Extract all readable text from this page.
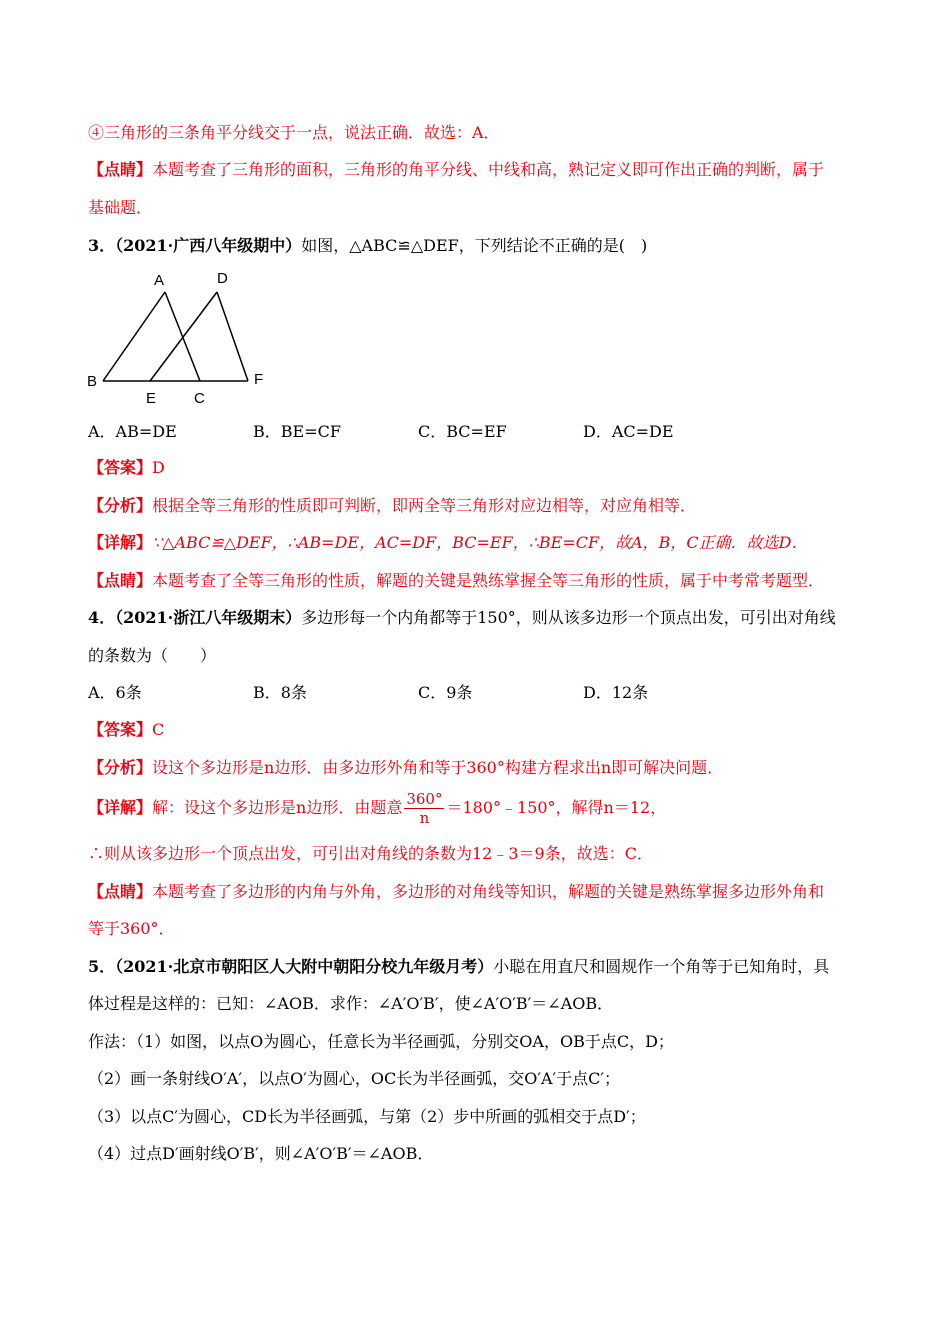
④三角形的三条角平分线交于一点，说法正确．故选：A．
【点睛】本题考查了三角形的面积，三角形的角平分线、中线和高，熟记定义即可作出正确的判断，属于
基础题．
3．（2021·广西八年级期中）如图，△ABC≌△DEF，下列结论不正确的是(　)
A	D
B
E	C
F
A．AB=DE	B．BE=CF	C．BC=EF	D．AC=DE
【答案】D
【分析】根据全等三角形的性质即可判断，即两全等三角形对应边相等，对应角相等．
【详解】∵△ABC≌△DEF，∴AB=DE，AC=DF，BC=EF，∴BE=CF，故A，B，C正确．故选D．
【点睛】本题考查了全等三角形的性质，解题的关键是熟练掌握全等三角形的性质，属于中考常考题型．
4．（2021·浙江八年级期末）多边形每一个内角都等于150°，则从该多边形一个顶点出发，可引出对角线
的条数为（　　）
A．6条	B．8条	C．9条	D．12条
【答案】C
【分析】设这个多边形是n边形．由多边形外角和等于360°构建方程求出n即可解决问题．
【详解】解：设这个多边形是n边形．由题意 $\frac{360^\circ}{n}$ ＝180°﹣150°，解得n＝12，
∴则从该多边形一个顶点出发，可引出对角线的条数为12﹣3＝9条，故选：C．
【点睛】本题考查了多边形的内角与外角，多边形的对角线等知识，解题的关键是熟练掌握多边形外角和
等于360°．
5．（2021·北京市朝阳区人大附中朝阳分校九年级月考）小聪在用直尺和圆规作一个角等于已知角时，具
体过程是这样的：已知：∠AOB．求作：∠A′O′B′，使∠A′O′B′＝∠AOB．
作法：（1）如图，以点O为圆心，任意长为半径画弧，分别交OA，OB于点C，D；
（2）画一条射线O′A′，以点O′为圆心，OC长为半径画弧，交O′A′于点C′；
（3）以点C′为圆心，CD长为半径画弧，与第（2）步中所画的弧相交于点D′；
（4）过点D′画射线O′B′，则∠A′O′B′＝∠AOB．
